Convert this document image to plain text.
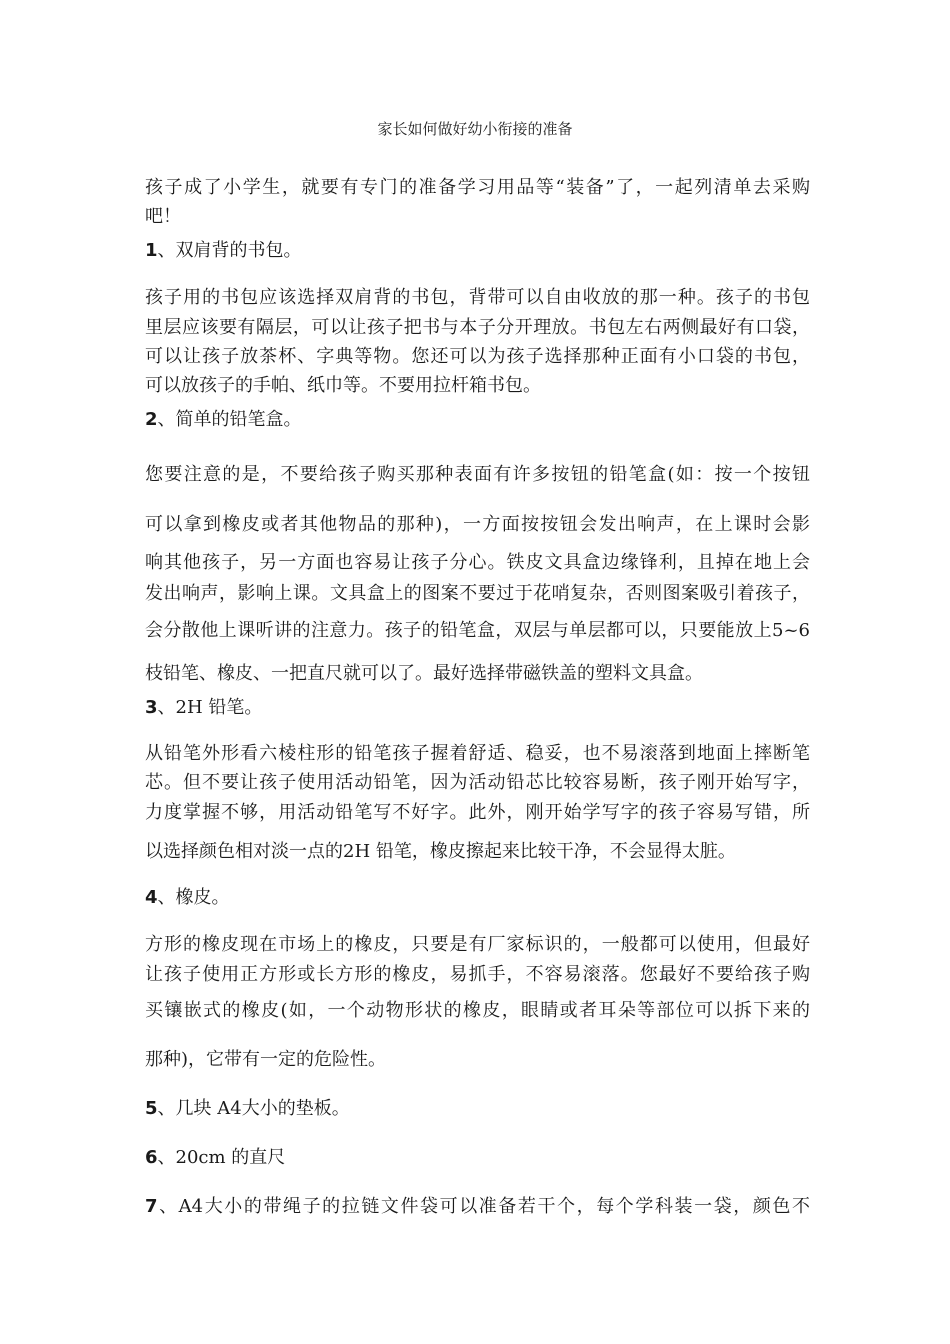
家长如何做好幼小衔接的准备
孩子成了小学生，就要有专门的准备学习用品等“装备”了，一起列清单去采购
吧！
1、双肩背的书包。
孩子用的书包应该选择双肩背的书包，背带可以自由收放的那一种。孩子的书包
里层应该要有隔层，可以让孩子把书与本子分开理放。书包左右两侧最好有口袋，
可以让孩子放茶杯、字典等物。您还可以为孩子选择那种正面有小口袋的书包，
可以放孩子的手帕、纸巾等。不要用拉杆箱书包。
2、简单的铅笔盒。
您要注意的是，不要给孩子购买那种表面有许多按钮的铅笔盒(如：按一个按钮
可以拿到橡皮或者其他物品的那种)，一方面按按钮会发出响声，在上课时会影
响其他孩子，另一方面也容易让孩子分心。铁皮文具盒边缘锋利，且掉在地上会
发出响声，影响上课。文具盒上的图案不要过于花哨复杂，否则图案吸引着孩子，
会分散他上课听讲的注意力。孩子的铅笔盒，双层与单层都可以，只要能放上5~6
枝铅笔、橡皮、一把直尺就可以了。最好选择带磁铁盖的塑料文具盒。
3、2H 铅笔。
从铅笔外形看六棱柱形的铅笔孩子握着舒适、稳妥，也不易滚落到地面上摔断笔
芯。但不要让孩子使用活动铅笔，因为活动铅芯比较容易断，孩子刚开始写字，
力度掌握不够，用活动铅笔写不好字。此外，刚开始学写字的孩子容易写错，所
以选择颜色相对淡一点的2H 铅笔，橡皮擦起来比较干净，不会显得太脏。
4、橡皮。
方形的橡皮现在市场上的橡皮，只要是有厂家标识的，一般都可以使用，但最好
让孩子使用正方形或长方形的橡皮，易抓手，不容易滚落。您最好不要给孩子购
买镶嵌式的橡皮(如，一个动物形状的橡皮，眼睛或者耳朵等部位可以拆下来的
那种)，它带有一定的危险性。
5、几块 A4大小的垫板。
6、20cm 的直尺
7、A4大小的带绳子的拉链文件袋可以准备若干个，每个学科装一袋，颜色不
